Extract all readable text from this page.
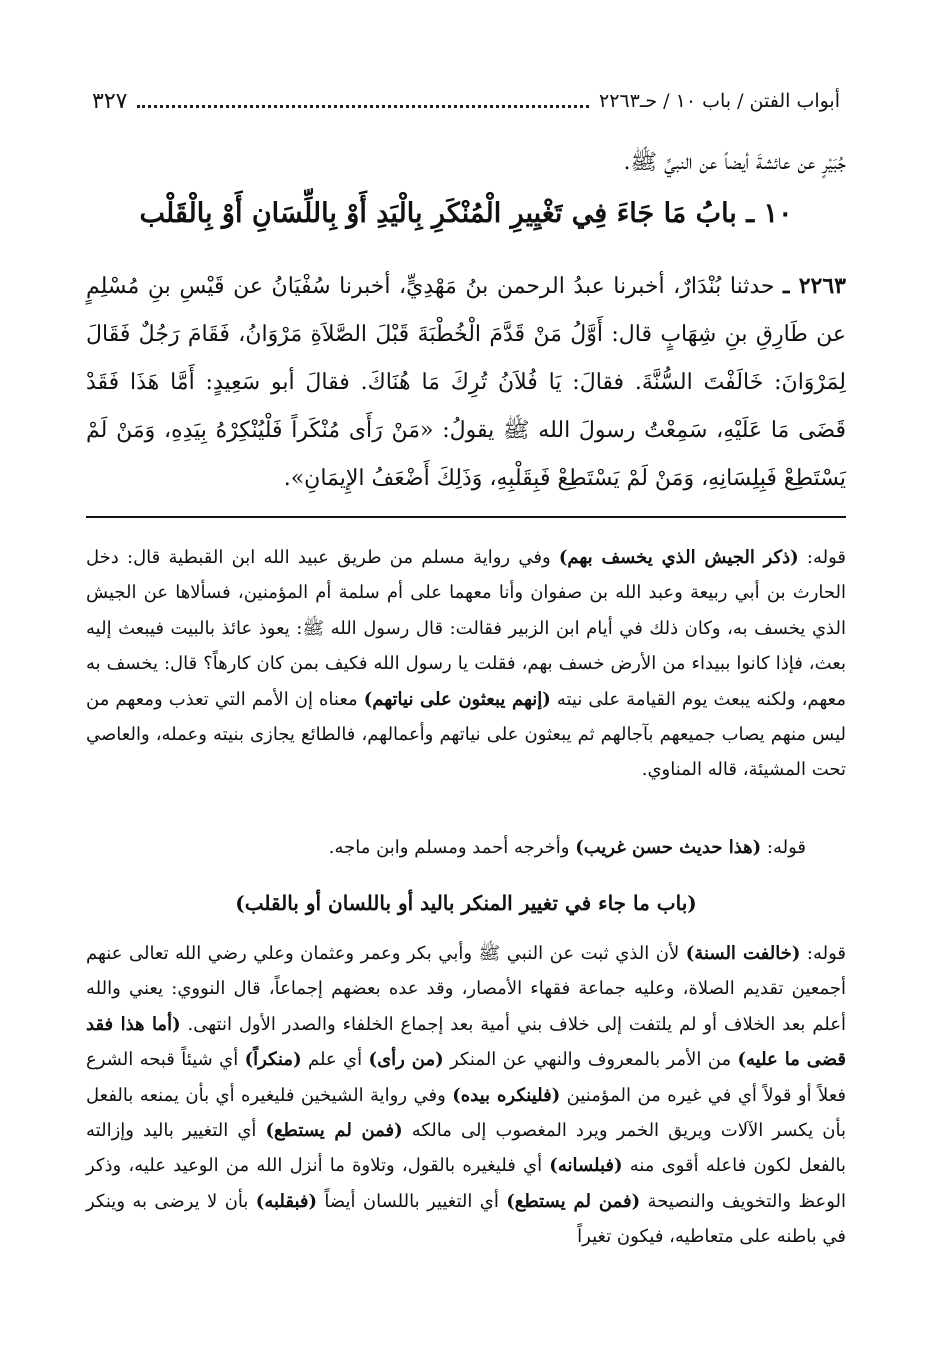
أبواب الفتن / باب ١٠ / حـ٢٢٦٣
٣٢٧
جُبَيْرٍ عن عائشةَ أيضاً عن النبيِّ ﷺ.
١٠ ـ بابُ مَا جَاءَ فِي تَغْيِيرِ الْمُنْكَرِ بِالْيَدِ أَوْ بِاللِّسَانِ أَوْ بِالْقَلْب
٢٢٦٣ ـ حدثنا بُنْدَارٌ، أخبرنا عبدُ الرحمن بنُ مَهْدِيٍّ، أخبرنا سُفْيَانُ عن قَيْسِ بنِ مُسْلِمٍ عن طَارِقِ بنِ شِهَابٍ قال: أَوَّلُ مَنْ قَدَّمَ الْخُطْبَةَ قَبْلَ الصَّلاَةِ مَرْوَانُ، فَقَامَ رَجُلٌ فَقَالَ لِمَرْوَانَ: خَالَفْتَ السُّنَّةَ. فقالَ: يَا فُلاَنُ تُرِكَ مَا هُنَاكَ. فقالَ أبو سَعِيدٍ: أَمَّا هَذَا فَقَدْ قَضَى مَا عَلَيْهِ، سَمِعْتُ رسولَ الله ﷺ يقولُ: «مَنْ رَأَى مُنْكَراً فَلْيُنْكِرْهُ بِيَدِهِ، وَمَنْ لَمْ يَسْتَطِعْ فَبِلِسَانِهِ، وَمَنْ لَمْ يَسْتَطِعْ فَبِقَلْبِهِ، وَذَلِكَ أَضْعَفُ الإِيمَانِ».
قوله: (ذكر الجيش الذي يخسف بهم) وفي رواية مسلم من طريق عبيد الله ابن القبطية قال: دخل الحارث بن أبي ربيعة وعبد الله بن صفوان وأنا معهما على أم سلمة أم المؤمنين، فسألاها عن الجيش الذي يخسف به، وكان ذلك في أيام ابن الزبير فقالت: قال رسول الله ﷺ: يعوذ عائذ بالبيت فيبعث إليه بعث، فإذا كانوا ببيداء من الأرض خسف بهم، فقلت يا رسول الله فكيف بمن كان كارهاً؟ قال: يخسف به معهم، ولكنه يبعث يوم القيامة على نيته (إنهم يبعثون على نياتهم) معناه إن الأمم التي تعذب ومعهم من ليس منهم يصاب جميعهم بآجالهم ثم يبعثون على نياتهم وأعمالهم، فالطائع يجازى بنيته وعمله، والعاصي تحت المشيئة، قاله المناوي.
قوله: (هذا حديث حسن غريب) وأخرجه أحمد ومسلم وابن ماجه.
(باب ما جاء في تغيير المنكر باليد أو باللسان أو بالقلب)
قوله: (خالفت السنة) لأن الذي ثبت عن النبي ﷺ وأبي بكر وعمر وعثمان وعلي رضي الله تعالى عنهم أجمعين تقديم الصلاة، وعليه جماعة فقهاء الأمصار، وقد عده بعضهم إجماعاً، قال النووي: يعني والله أعلم بعد الخلاف أو لم يلتفت إلى خلاف بني أمية بعد إجماع الخلفاء والصدر الأول انتهى. (أما هذا فقد قضى ما عليه) من الأمر بالمعروف والنهي عن المنكر (من رأى) أي علم (منكراً) أي شيئاً قبحه الشرع فعلاً أو قولاً أي في غيره من المؤمنين (فلينكره بيده) وفي رواية الشيخين فليغيره أي بأن يمنعه بالفعل بأن يكسر الآلات ويريق الخمر ويرد المغصوب إلى مالكه (فمن لم يستطع) أي التغيير باليد وإزالته بالفعل لكون فاعله أقوى منه (فبلسانه) أي فليغيره بالقول، وتلاوة ما أنزل الله من الوعيد عليه، وذكر الوعظ والتخويف والنصيحة (فمن لم يستطع) أي التغيير باللسان أيضاً (فبقلبه) بأن لا يرضى به وينكر في باطنه على متعاطيه، فيكون تغيراً
